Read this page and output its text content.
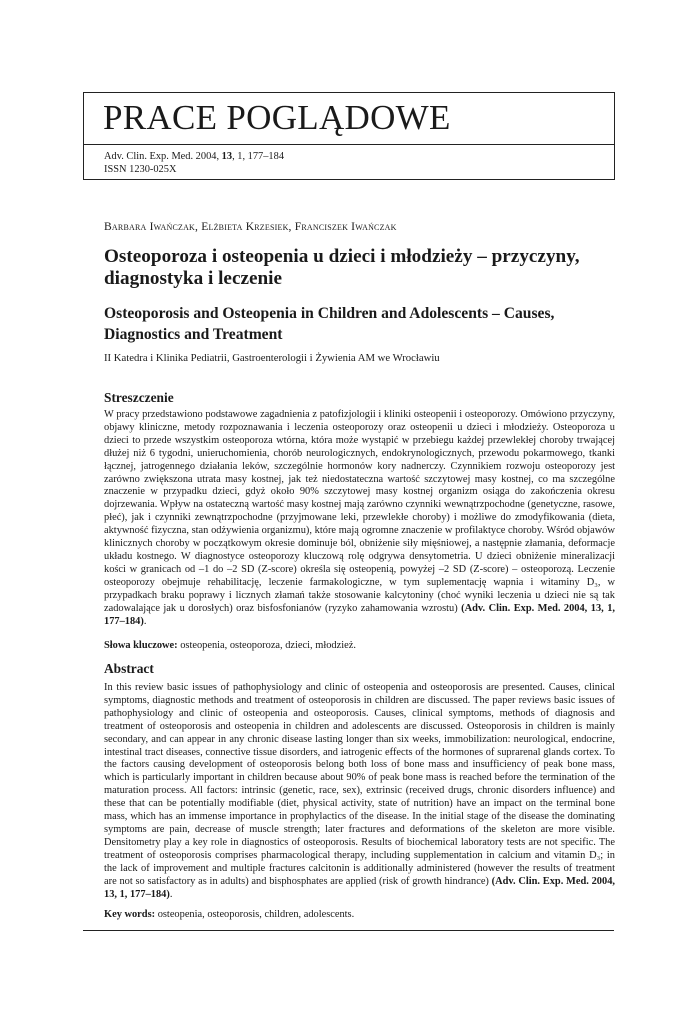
PRACE POGLĄDOWE
Adv. Clin. Exp. Med. 2004, 13, 1, 177–184
ISSN 1230-025X
Barbara Iwańczak, Elżbieta Krzesiek, Franciszek Iwańczak
Osteoporoza i osteopenia u dzieci i młodzieży – przyczyny, diagnostyka i leczenie
Osteoporosis and Osteopenia in Children and Adolescents – Causes, Diagnostics and Treatment
II Katedra i Klinika Pediatrii, Gastroenterologii i Żywienia AM we Wrocławiu
Streszczenie
W pracy przedstawiono podstawowe zagadnienia z patofizjologii i kliniki osteopenii i osteoporozy. Omówiono przyczyny, objawy kliniczne, metody rozpoznawania i leczenia osteoporozy oraz osteopenii u dzieci i młodzieży. Osteoporoza u dzieci to przede wszystkim osteoporoza wtórna, która może wystąpić w przebiegu każdej przewlekłej choroby trwającej dłużej niż 6 tygodni, unieruchomienia, chorób neurologicznych, endokrynologicznych, przewodu pokarmowego, tkanki łącznej, jatrogennego działania leków, szczególnie hormonów kory nadnerczy. Czynnikiem rozwoju osteoporozy jest zarówno zwiększona utrata masy kostnej, jak też niedostateczna wartość szczytowej masy kostnej, co ma szczególne znaczenie w przypadku dzieci, gdyż około 90% szczytowej masy kostnej organizm osiąga do zakończenia okresu dojrzewania. Wpływ na ostateczną wartość masy kostnej mają zarówno czynniki wewnątrzpochodne (genetyczne, rasowe, płeć), jak i czynniki zewnątrzpochodne (przyjmowane leki, przewlekłe choroby) i możliwe do zmodyfikowania (dieta, aktywność fizyczna, stan odżywienia organizmu), które mają ogromne znaczenie w profilaktyce choroby. Wśród objawów klinicznych choroby w początkowym okresie dominuje ból, obniżenie siły mięśniowej, a następnie złamania, deformacje układu kostnego. W diagnostyce osteoporozy kluczową rolę odgrywa densytometria. U dzieci obniżenie mineralizacji kości w granicach od –1 do –2 SD (Z-score) określa się osteopenią, powyżej –2 SD (Z-score) – osteoporozą. Leczenie osteoporozy obejmuje rehabilitację, leczenie farmakologiczne, w tym suplementację wapnia i witaminy D₃, w przypadkach braku poprawy i licznych złamań także stosowanie kalcytoniny (choć wyniki leczenia u dzieci nie są tak zadowalające jak u dorosłych) oraz bisfosfonianów (ryzyko zahamowania wzrostu) (Adv. Clin. Exp. Med. 2004, 13, 1, 177–184).
Słowa kluczowe: osteopenia, osteoporoza, dzieci, młodzież.
Abstract
In this review basic issues of pathophysiology and clinic of osteopenia and osteoporosis are presented. Causes, clinical symptoms, diagnostic methods and treatment of osteoporosis in children are discussed. The paper reviews basic issues of pathophysiology and clinic of osteopenia and osteoporosis. Causes, clinical symptoms, methods of diagnosis and treatment of osteoporosis and osteopenia in children and adolescents are discussed. Osteoporosis in children is mainly secondary, and can appear in any chronic disease lasting longer than six weeks, immobilization: neurological, endocrine, intestinal tract diseases, connective tissue disorders, and iatrogenic effects of the hormones of suprarenal glands cortex. To the factors causing development of osteoporosis belong both loss of bone mass and insufficiency of peak bone mass, which is particularly important in children because about 90% of peak bone mass is reached before the termination of the maturation process. All factors: intrinsic (genetic, race, sex), extrinsic (received drugs, chronic disorders influence) and these that can be potentially modifiable (diet, physical activity, state of nutrition) have an impact on the terminal bone mass, which has an immense importance in prophylactics of the disease. In the initial stage of the disease the dominating symptoms are pain, decrease of muscle strength; later fractures and deformations of the skeleton are more visible. Densitometry play a key role in diagnostics of osteoporosis. Results of biochemical laboratory tests are not specific. The treatment of osteoporosis comprises pharmacological therapy, including supplementation in calcium and vitamin D₃; in the lack of improvement and multiple fractures calcitonin is additionally administered (however the results of treatment are not so satisfactory as in adults) and bisphosphates are applied (risk of growth hindrance) (Adv. Clin. Exp. Med. 2004, 13, 1, 177–184).
Key words: osteopenia, osteoporosis, children, adolescents.
